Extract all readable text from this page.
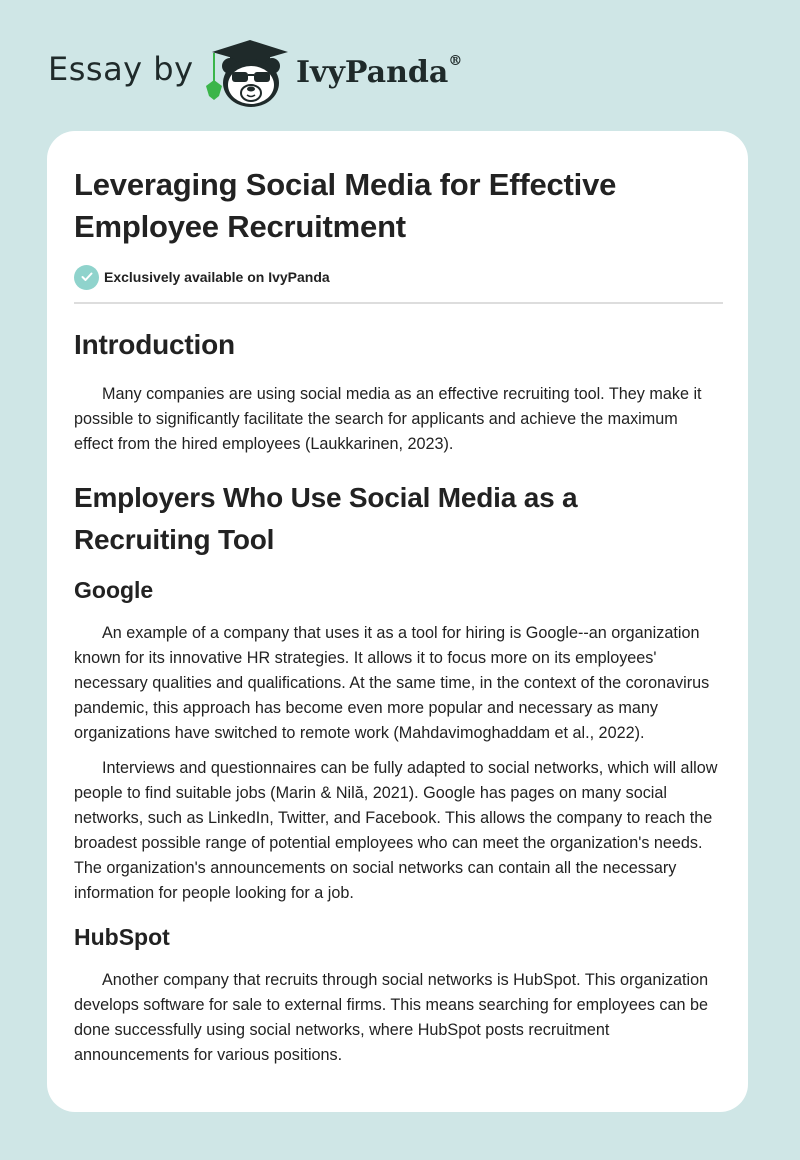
Essay by	IvyPanda®
Leveraging Social Media for Effective Employee Recruitment
Exclusively available on IvyPanda
Introduction

Many companies are using social media as an effective recruiting tool. They make it possible to significantly facilitate the search for applicants and achieve the maximum effect from the hired employees (Laukkarinen, 2023).

Employers Who Use Social Media as a Recruiting Tool
Google

An example of a company that uses it as a tool for hiring is Google--an organization known for its innovative HR strategies. It allows it to focus more on its employees' necessary qualities and qualifications. At the same time, in the context of the coronavirus pandemic, this approach has become even more popular and necessary as many organizations have switched to remote work (Mahdavimoghaddam et al., 2022).

Interviews and questionnaires can be fully adapted to social networks, which will allow people to find suitable jobs (Marin & Nilă, 2021). Google has pages on many social networks, such as LinkedIn, Twitter, and Facebook. This allows the company to reach the broadest possible range of potential employees who can meet the organization's needs. The organization's announcements on social networks can contain all the necessary information for people looking for a job.

HubSpot

Another company that recruits through social networks is HubSpot. This organization develops software for sale to external firms. This means searching for employees can be done successfully using social networks, where HubSpot posts recruitment announcements for various positions.
